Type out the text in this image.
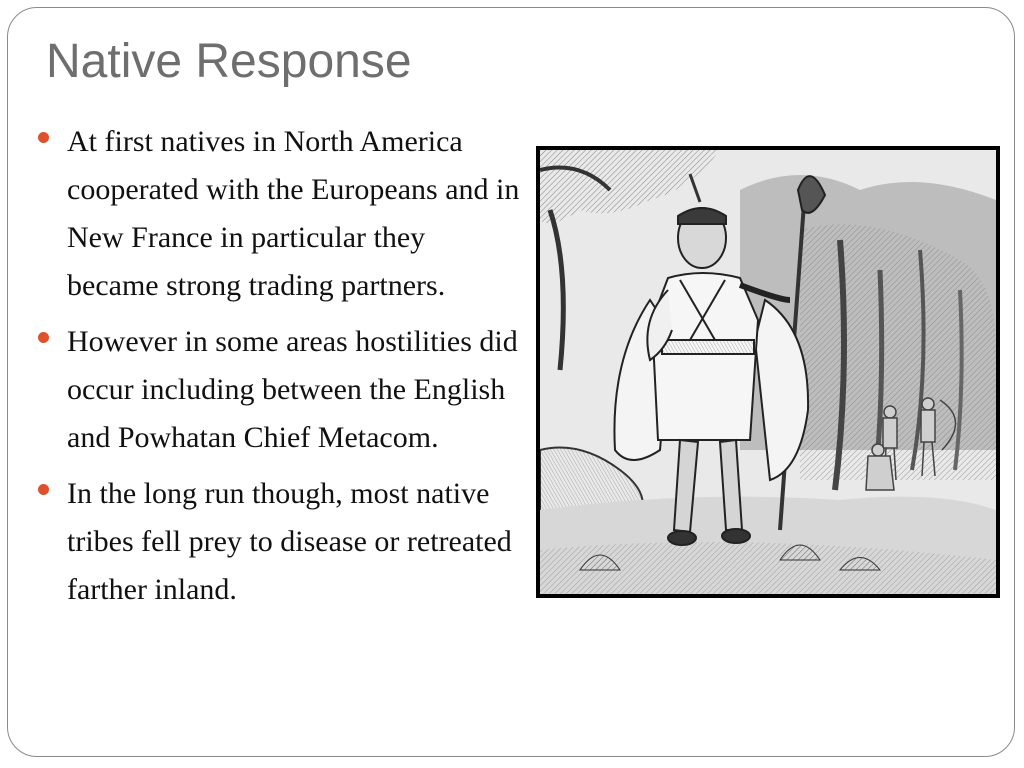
Native Response
At first natives in North America cooperated with the Europeans and in New France in particular they became strong trading partners.
However in some areas hostilities did occur including between the English and Powhatan Chief Metacom.
In the long run though, most native tribes fell prey to disease or retreated farther inland.
